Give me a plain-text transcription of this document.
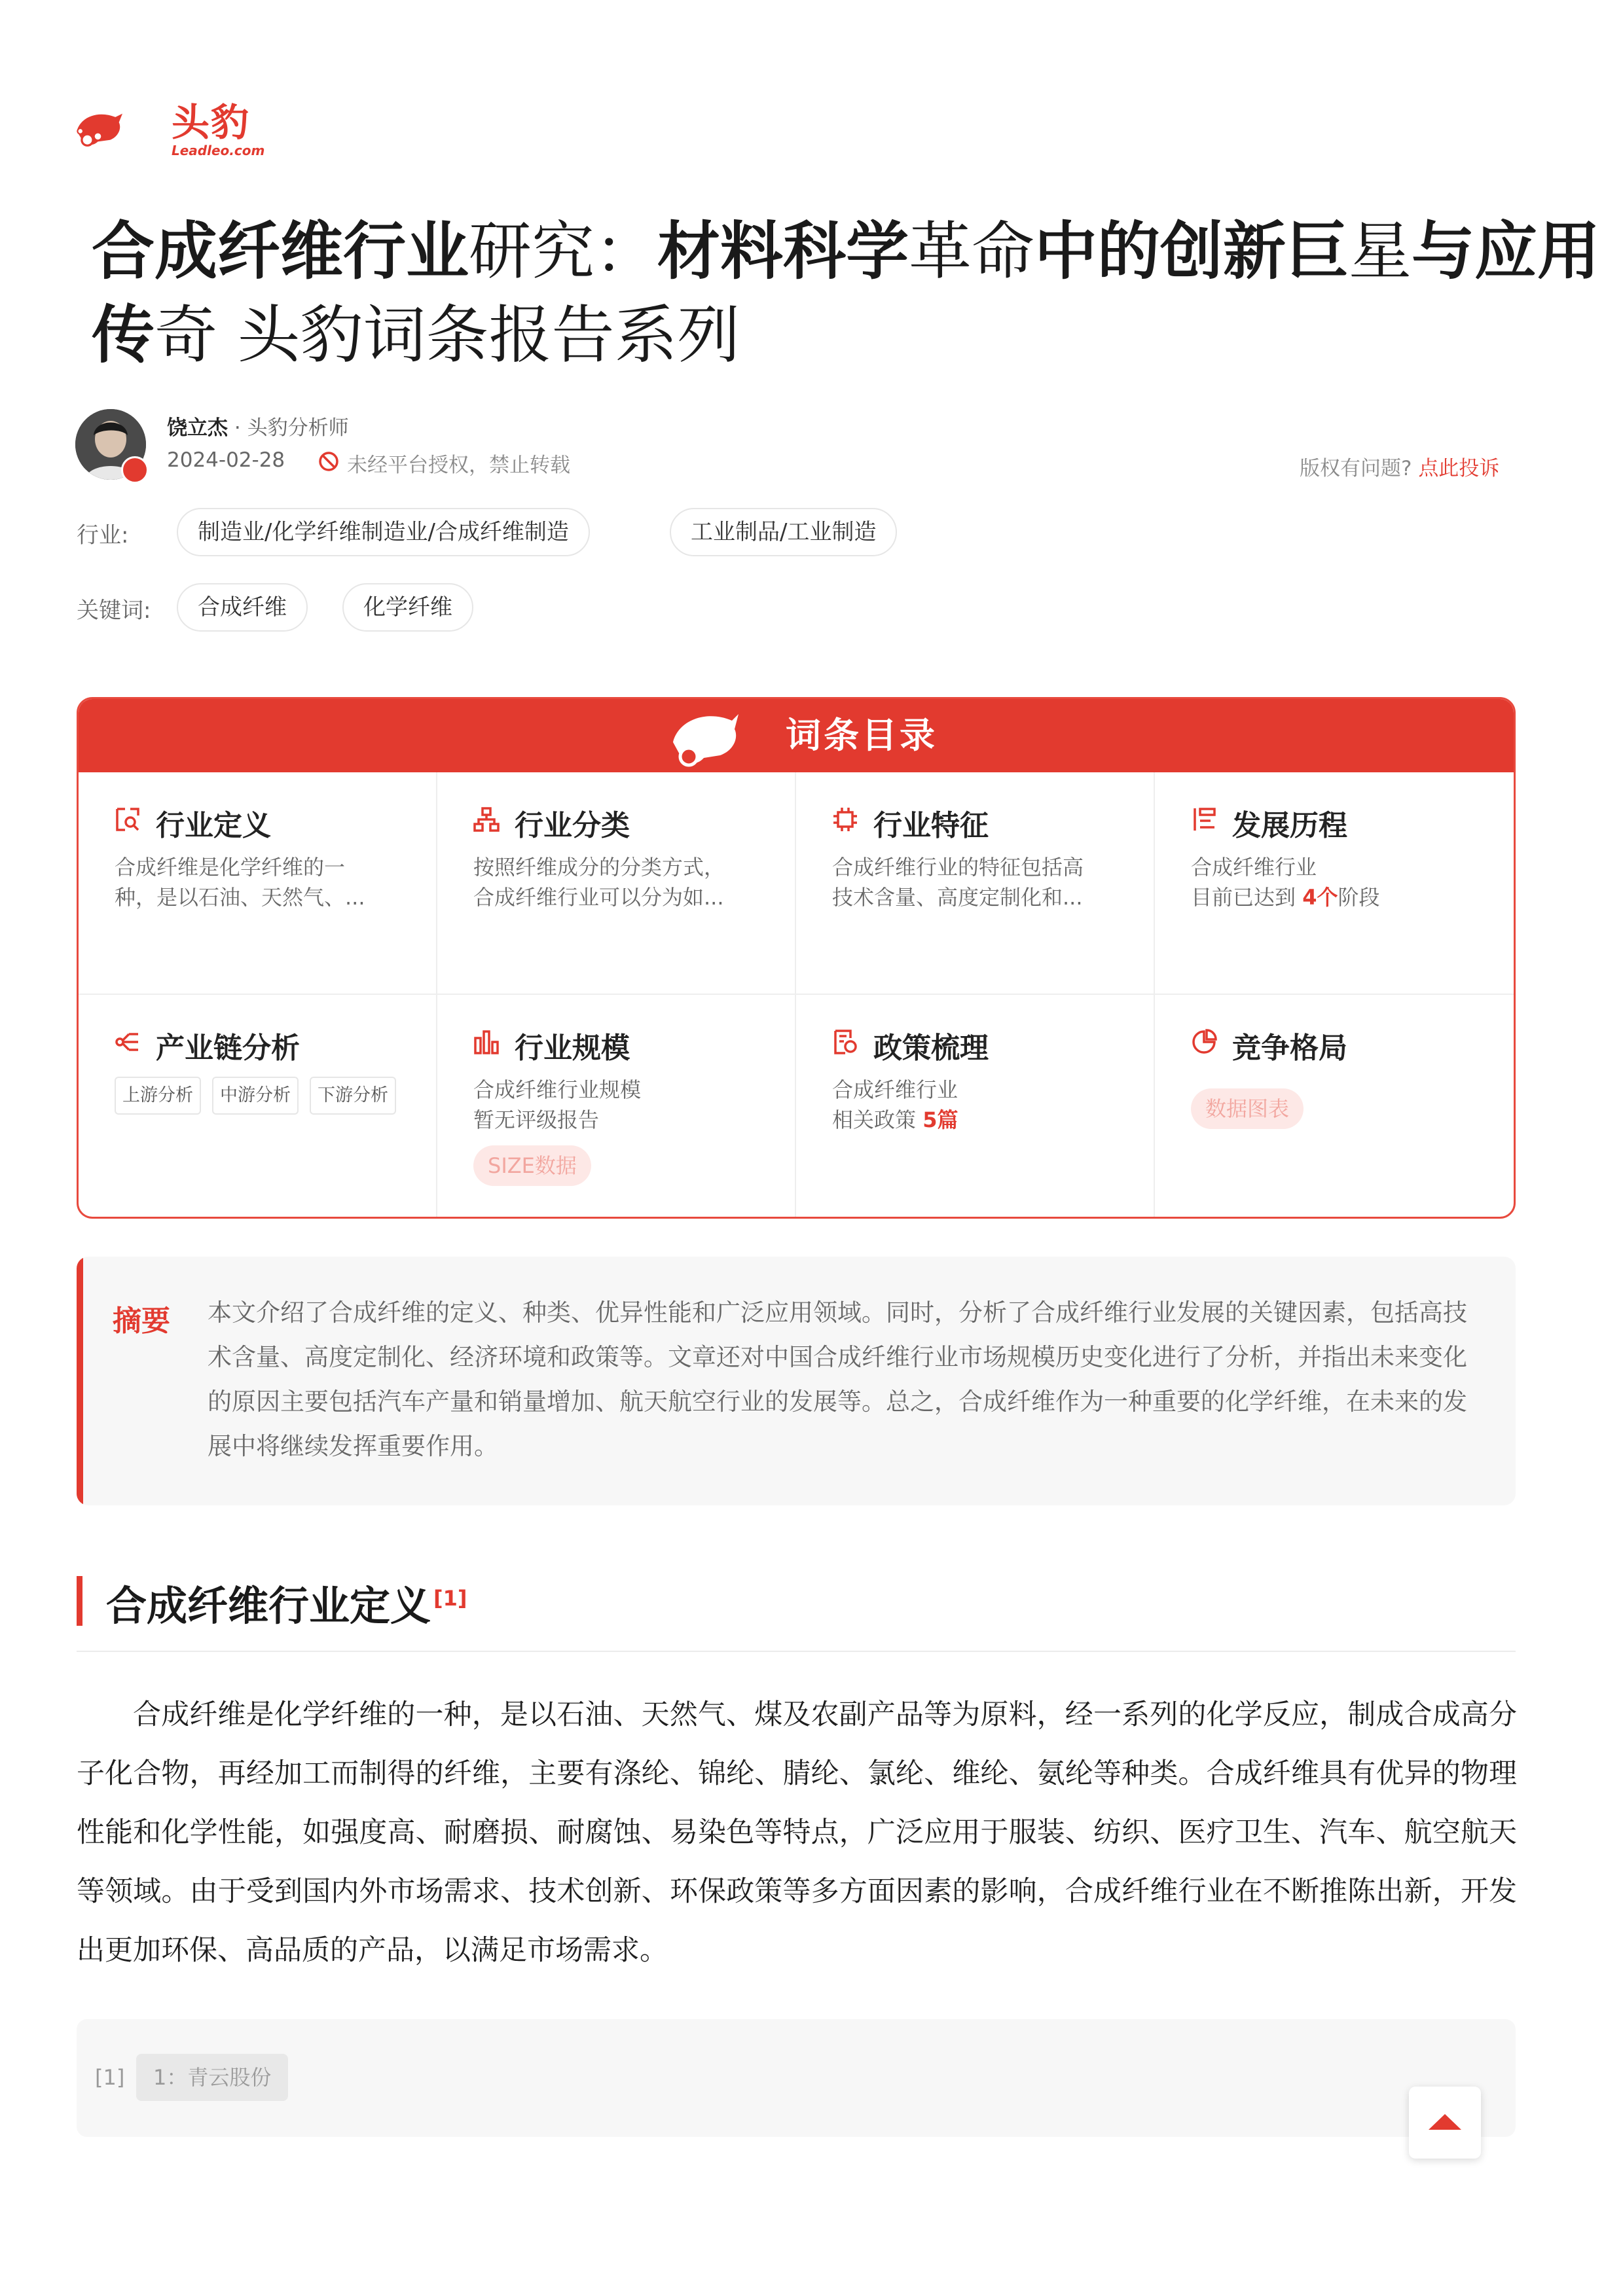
头豹
Leadleo.com
合成纤维行业研究：材料科学革命中的创新巨星与应用传奇 头豹词条报告系列
饶立杰 · 头豹分析师
2024-02-28	未经平台授权，禁止转载	版权有问题? 点此投诉
行业:	制造业/化学纤维制造业/合成纤维制造	工业制品/工业制造
关键词:	合成纤维	化学纤维
词条目录
行业定义
合成纤维是化学纤维的一
种，是以石油、天然气、...
行业分类
按照纤维成分的分类方式，
合成纤维行业可以分为如...
行业特征
合成纤维行业的特征包括高
技术含量、高度定制化和...
发展历程
合成纤维行业
目前已达到 4个阶段
产业链分析
上游分析	中游分析	下游分析
行业规模
合成纤维行业规模
暂无评级报告
SIZE数据
政策梳理
合成纤维行业
相关政策 5篇
竞争格局
数据图表
摘要 本文介绍了合成纤维的定义、种类、优异性能和广泛应用领域。同时，分析了合成纤维行业发展的关键因素，包括高技术含量、高度定制化、经济环境和政策等。文章还对中国合成纤维行业市场规模历史变化进行了分析，并指出未来变化的原因主要包括汽车产量和销量增加、航天航空行业的发展等。总之，合成纤维作为一种重要的化学纤维，在未来的发展中将继续发挥重要作用。
合成纤维行业定义 [1]
合成纤维是化学纤维的一种，是以石油、天然气、煤及农副产品等为原料，经一系列的化学反应，制成合成高分子化合物，再经加工而制得的纤维，主要有涤纶、锦纶、腈纶、氯纶、维纶、氨纶等种类。合成纤维具有优异的物理性能和化学性能，如强度高、耐磨损、耐腐蚀、易染色等特点，广泛应用于服装、纺织、医疗卫生、汽车、航空航天等领域。由于受到国内外市场需求、技术创新、环保政策等多方面因素的影响，合成纤维行业在不断推陈出新，开发出更加环保、高品质的产品，以满足市场需求。
[1]	1：青云股份
